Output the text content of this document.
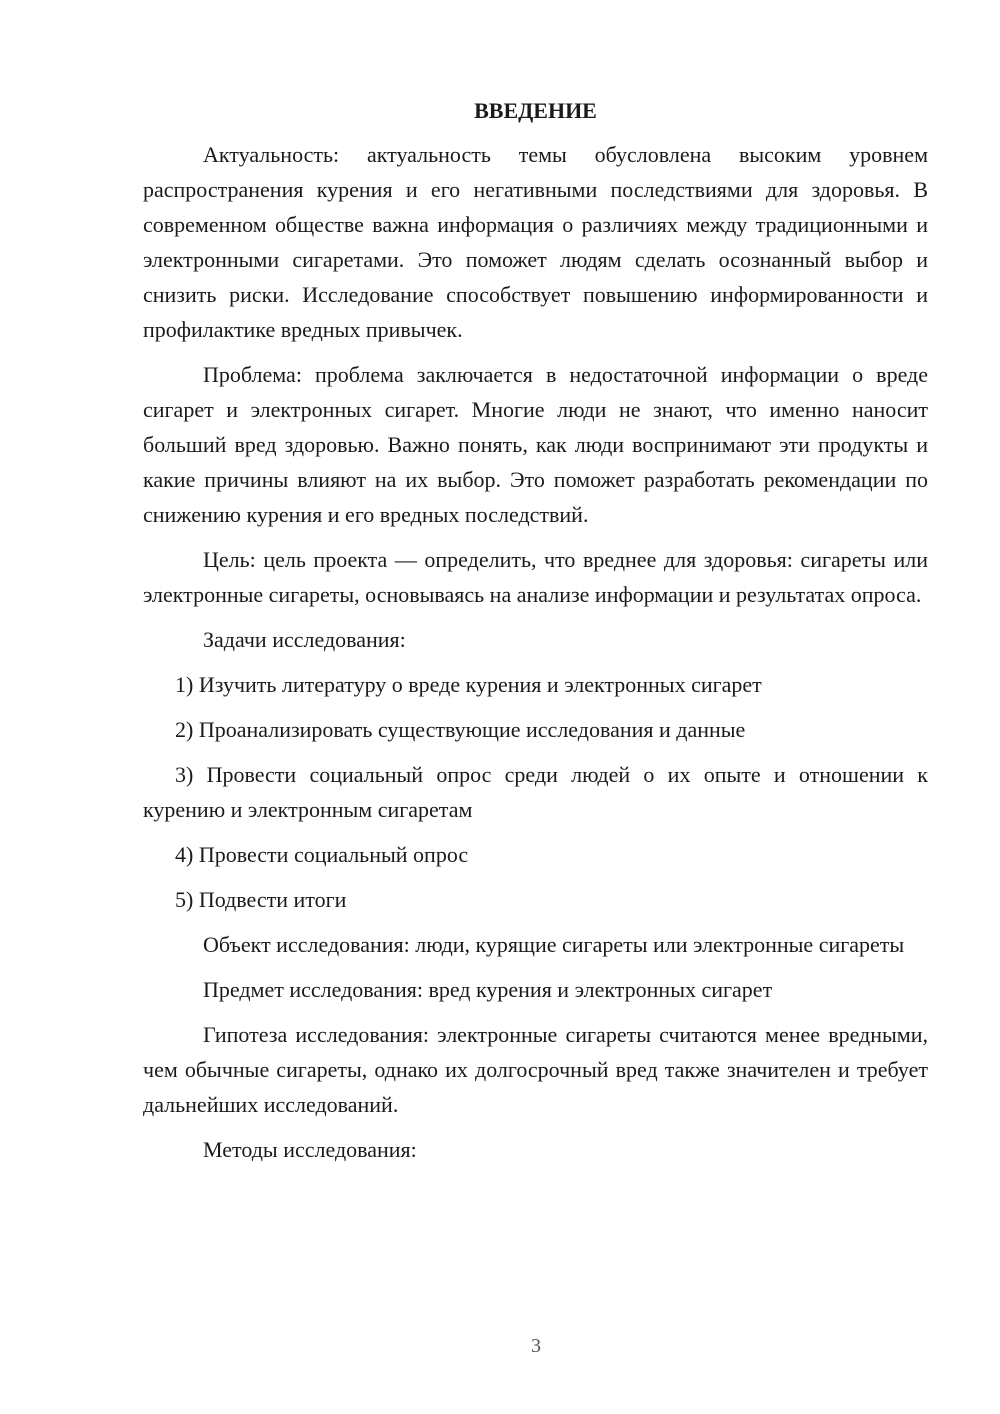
ВВЕДЕНИЕ

Актуальность: актуальность темы обусловлена высоким уровнем распространения курения и его негативными последствиями для здоровья. В современном обществе важна информация о различиях между традиционными и электронными сигаретами. Это поможет людям сделать осознанный выбор и снизить риски. Исследование способствует повышению информированности и профилактике вредных привычек.

Проблема: проблема заключается в недостаточной информации о вреде сигарет и электронных сигарет. Многие люди не знают, что именно наносит больший вред здоровью. Важно понять, как люди воспринимают эти продукты и какие причины влияют на их выбор. Это поможет разработать рекомендации по снижению курения и его вредных последствий.

Цель: цель проекта — определить, что вреднее для здоровья: сигареты или электронные сигареты, основываясь на анализе информации и результатах опроса.

Задачи исследования:

1) Изучить литературу о вреде курения и электронных сигарет

2) Проанализировать существующие исследования и данные

3) Провести социальный опрос среди людей о их опыте и отношении к курению и электронным сигаретам

4) Провести социальный опрос

5) Подвести итоги

Объект исследования: люди, курящие сигареты или электронные сигареты

Предмет исследования: вред курения и электронных сигарет

Гипотеза исследования: электронные сигареты считаются менее вредными, чем обычные сигареты, однако их долгосрочный вред также значителен и требует дальнейших исследований.

Методы исследования:

3
